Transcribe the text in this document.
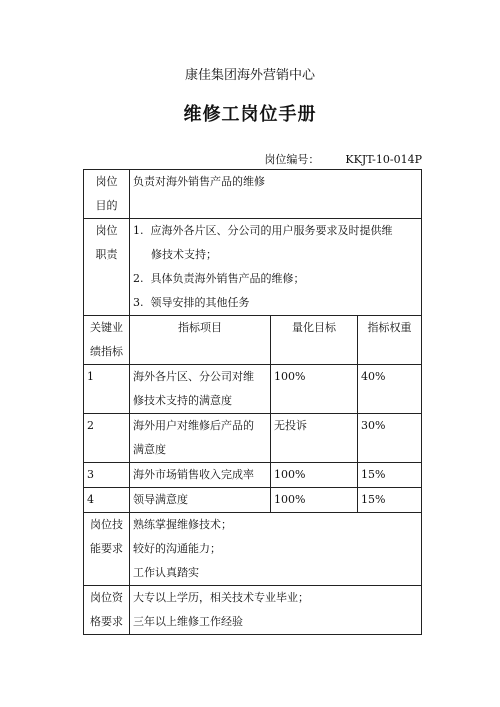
康佳集团海外营销中心
维修工岗位手册
岗位编号： KKJT-10-014P
岗位
目的	负责对海外销售产品的维修		

岗位
职责	1. 应海外各片区、分公司的用户服务要求及时提供维
修技术支持；
2. 具体负责海外销售产品的维修；
3. 领导安排的其他任务		

关键业
绩指标	指标项目	量化目标	指标权重
1	海外各片区、分公司对维
修技术支持的满意度	100%	40%
2	海外用户对维修后产品的
满意度	无投诉	30%
3	海外市场销售收入完成率	100%	15%
4	领导满意度	100%	15%

岗位技
能要求	熟练掌握维修技术；
较好的沟通能力；
工作认真踏实		

岗位资
格要求	大专以上学历，相关技术专业毕业；
三年以上维修工作经验		
